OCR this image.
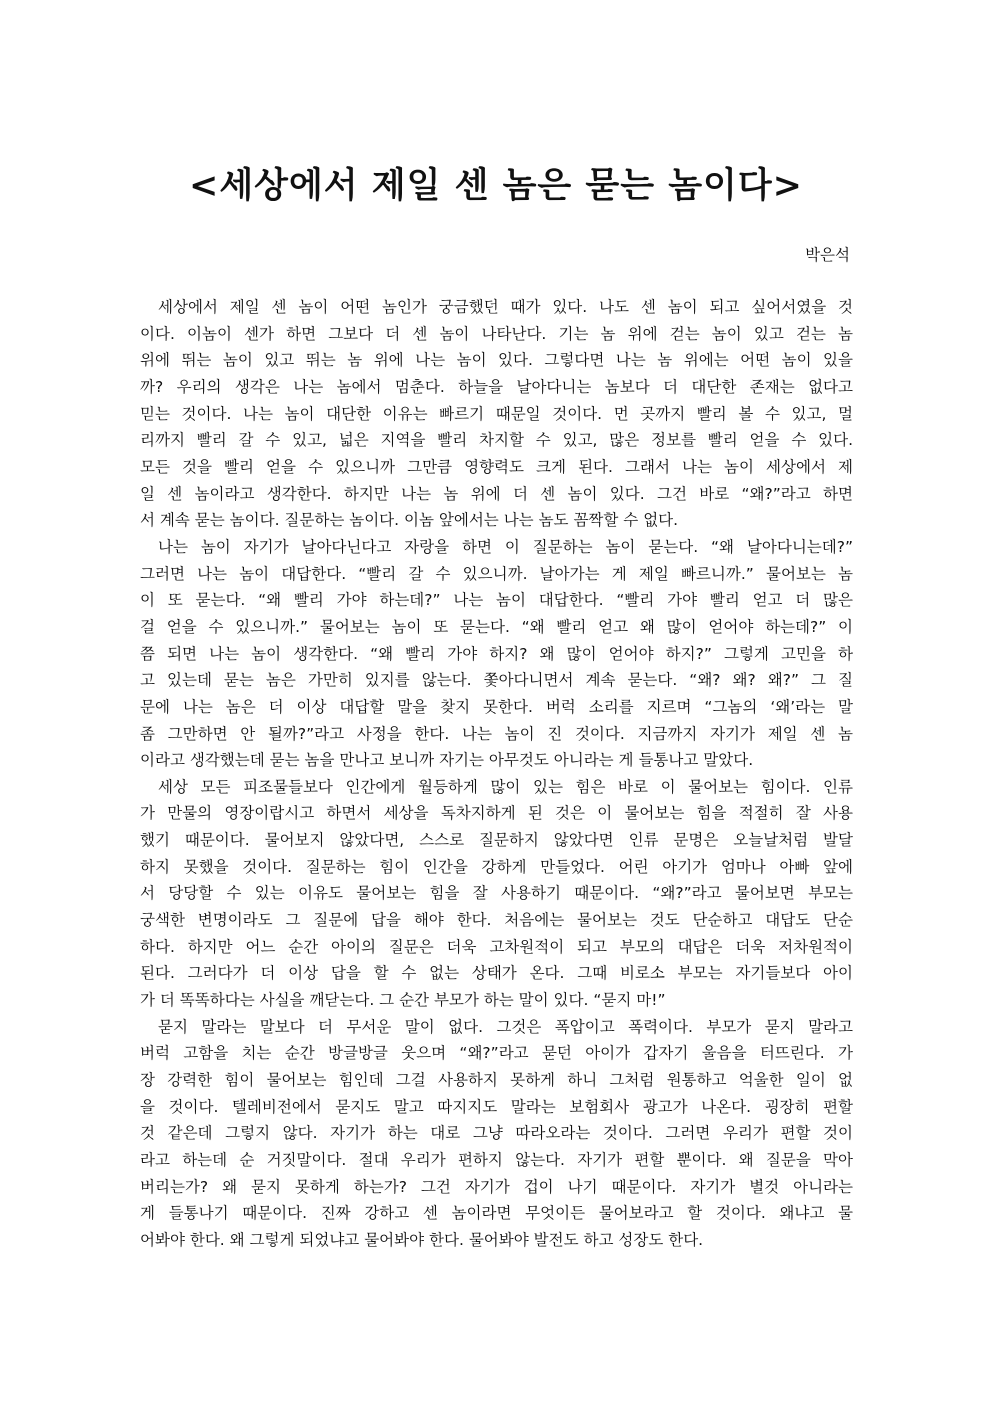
<세상에서 제일 센 놈은 묻는 놈이다>
박은석
세상에서 제일 센 놈이 어떤 놈인가 궁금했던 때가 있다. 나도 센 놈이 되고 싶어서였을 것
이다. 이놈이 센가 하면 그보다 더 센 놈이 나타난다. 기는 놈 위에 걷는 놈이 있고 걷는 놈
위에 뛰는 놈이 있고 뛰는 놈 위에 나는 놈이 있다. 그렇다면 나는 놈 위에는 어떤 놈이 있을
까? 우리의 생각은 나는 놈에서 멈춘다. 하늘을 날아다니는 놈보다 더 대단한 존재는 없다고
믿는 것이다. 나는 놈이 대단한 이유는 빠르기 때문일 것이다. 먼 곳까지 빨리 볼 수 있고, 멀
리까지 빨리 갈 수 있고, 넓은 지역을 빨리 차지할 수 있고, 많은 정보를 빨리 얻을 수 있다.
모든 것을 빨리 얻을 수 있으니까 그만큼 영향력도 크게 된다. 그래서 나는 놈이 세상에서 제
일 센 놈이라고 생각한다. 하지만 나는 놈 위에 더 센 놈이 있다. 그건 바로 “왜?”라고 하면
서 계속 묻는 놈이다. 질문하는 놈이다. 이놈 앞에서는 나는 놈도 꼼짝할 수 없다.
나는 놈이 자기가 날아다닌다고 자랑을 하면 이 질문하는 놈이 묻는다. “왜 날아다니는데?”
그러면 나는 놈이 대답한다. “빨리 갈 수 있으니까. 날아가는 게 제일 빠르니까.” 물어보는 놈
이 또 묻는다. “왜 빨리 가야 하는데?” 나는 놈이 대답한다. “빨리 가야 빨리 얻고 더 많은
걸 얻을 수 있으니까.” 물어보는 놈이 또 묻는다. “왜 빨리 얻고 왜 많이 얻어야 하는데?” 이
쯤 되면 나는 놈이 생각한다. “왜 빨리 가야 하지? 왜 많이 얻어야 하지?” 그렇게 고민을 하
고 있는데 묻는 놈은 가만히 있지를 않는다. 쫓아다니면서 계속 묻는다. “왜? 왜? 왜?” 그 질
문에 나는 놈은 더 이상 대답할 말을 찾지 못한다. 버럭 소리를 지르며 “그놈의 ‘왜’라는 말
좀 그만하면 안 될까?”라고 사정을 한다. 나는 놈이 진 것이다. 지금까지 자기가 제일 센 놈
이라고 생각했는데 묻는 놈을 만나고 보니까 자기는 아무것도 아니라는 게 들통나고 말았다.
세상 모든 피조물들보다 인간에게 월등하게 많이 있는 힘은 바로 이 물어보는 힘이다. 인류
가 만물의 영장이랍시고 하면서 세상을 독차지하게 된 것은 이 물어보는 힘을 적절히 잘 사용
했기 때문이다. 물어보지 않았다면, 스스로 질문하지 않았다면 인류 문명은 오늘날처럼 발달
하지 못했을 것이다. 질문하는 힘이 인간을 강하게 만들었다. 어린 아기가 엄마나 아빠 앞에
서 당당할 수 있는 이유도 물어보는 힘을 잘 사용하기 때문이다. “왜?”라고 물어보면 부모는
궁색한 변명이라도 그 질문에 답을 해야 한다. 처음에는 물어보는 것도 단순하고 대답도 단순
하다. 하지만 어느 순간 아이의 질문은 더욱 고차원적이 되고 부모의 대답은 더욱 저차원적이
된다. 그러다가 더 이상 답을 할 수 없는 상태가 온다. 그때 비로소 부모는 자기들보다 아이
가 더 똑똑하다는 사실을 깨닫는다. 그 순간 부모가 하는 말이 있다. “묻지 마!”
묻지 말라는 말보다 더 무서운 말이 없다. 그것은 폭압이고 폭력이다. 부모가 묻지 말라고
버럭 고함을 치는 순간 방글방글 웃으며 “왜?”라고 묻던 아이가 갑자기 울음을 터뜨린다. 가
장 강력한 힘이 물어보는 힘인데 그걸 사용하지 못하게 하니 그처럼 원통하고 억울한 일이 없
을 것이다. 텔레비전에서 묻지도 말고 따지지도 말라는 보험회사 광고가 나온다. 굉장히 편할
것 같은데 그렇지 않다. 자기가 하는 대로 그냥 따라오라는 것이다. 그러면 우리가 편할 것이
라고 하는데 순 거짓말이다. 절대 우리가 편하지 않는다. 자기가 편할 뿐이다. 왜 질문을 막아
버리는가? 왜 묻지 못하게 하는가? 그건 자기가 겁이 나기 때문이다. 자기가 별것 아니라는
게 들통나기 때문이다. 진짜 강하고 센 놈이라면 무엇이든 물어보라고 할 것이다. 왜냐고 물
어봐야 한다. 왜 그렇게 되었냐고 물어봐야 한다. 물어봐야 발전도 하고 성장도 한다.
